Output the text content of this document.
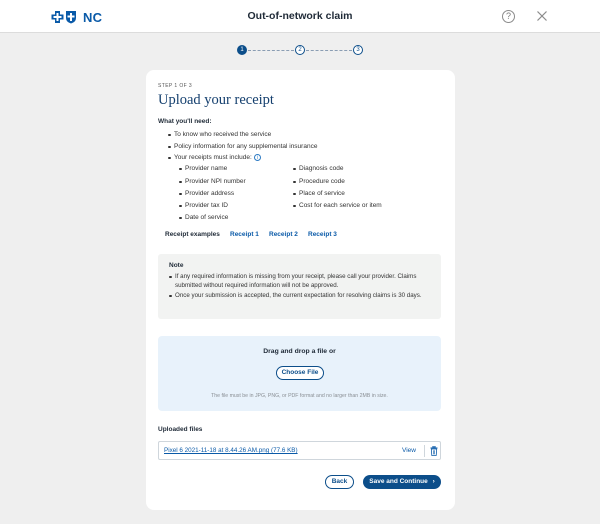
NC	Out-of-network claim	?
1	2	3
STEP 1 OF 3
Upload your receipt
What you'll need:
To know who received the service
Policy information for any supplemental insurance
Your receipts must include: i
Provider name
Provider NPI number
Provider address
Provider tax ID
Date of service
Diagnosis code
Procedure code
Place of service
Cost for each service or item
Receipt examples Receipt 1 Receipt 2 Receipt 3
Note
If any required information is missing from your receipt, please call your provider. Claims submitted without required information will not be approved.
Once your submission is accepted, the current expectation for resolving claims is 30 days.
Drag and drop a file or
Choose File
The file must be in JPG, PNG, or PDF format and no larger than 2MB in size.
Uploaded files
Pixel 6 2021-11-18 at 8.44.26 AM.png (77.6 KB)	View
Back	Save and Continue ›
